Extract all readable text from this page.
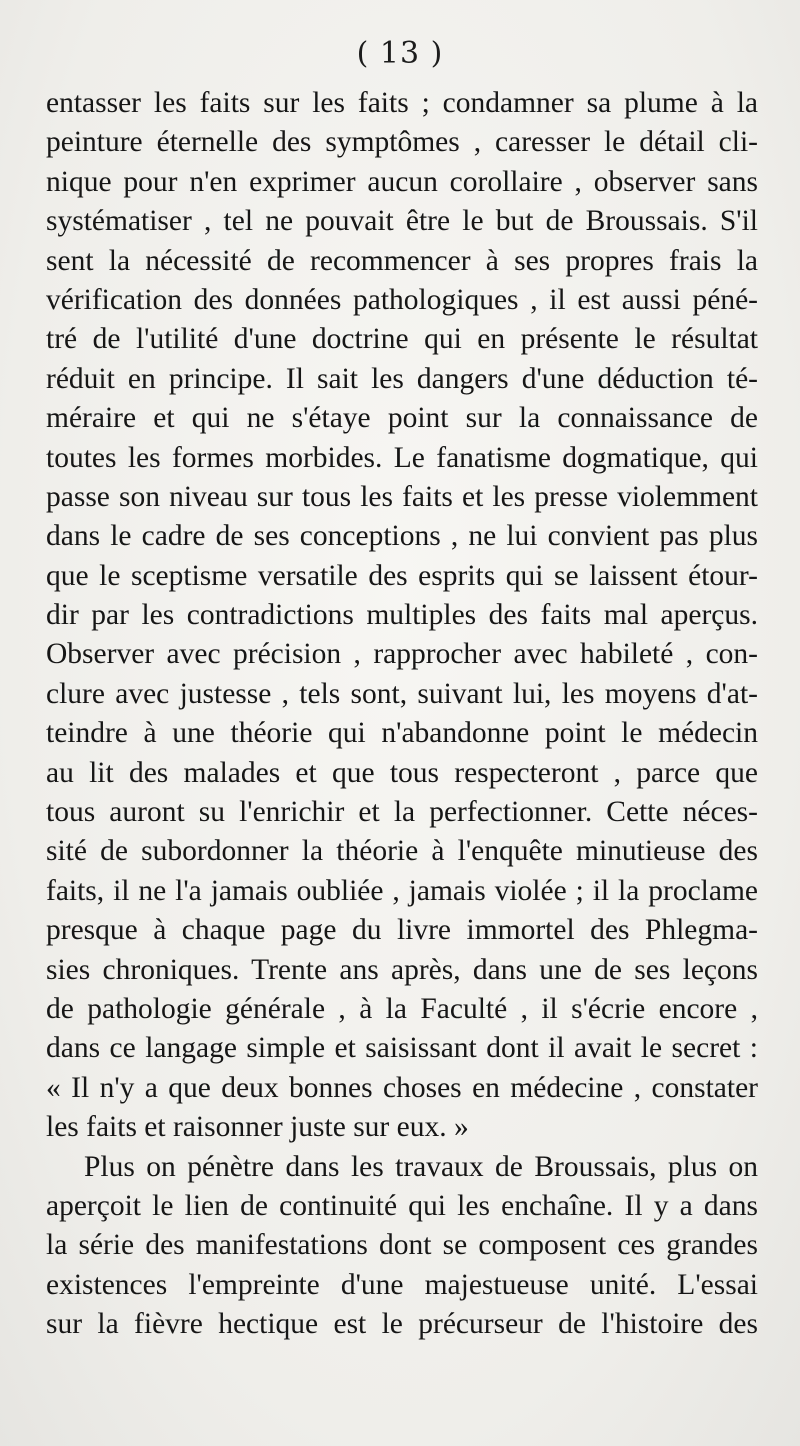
( 13 )
entasser les faits sur les faits ; condamner sa plume à la
peinture éternelle des symptômes , caresser le détail cli-
nique pour n'en exprimer aucun corollaire , observer sans
systématiser , tel ne pouvait être le but de Broussais. S'il
sent la nécessité de recommencer à ses propres frais la
vérification des données pathologiques , il est aussi péné-
tré de l'utilité d'une doctrine qui en présente le résultat
réduit en principe. Il sait les dangers d'une déduction té-
méraire et qui ne s'étaye point sur la connaissance de
toutes les formes morbides. Le fanatisme dogmatique, qui
passe son niveau sur tous les faits et les presse violemment
dans le cadre de ses conceptions , ne lui convient pas plus
que le sceptisme versatile des esprits qui se laissent étour-
dir par les contradictions multiples des faits mal aperçus.
Observer avec précision , rapprocher avec habileté , con-
clure avec justesse , tels sont, suivant lui, les moyens d'at-
teindre à une théorie qui n'abandonne point le médecin
au lit des malades et que tous respecteront , parce que
tous auront su l'enrichir et la perfectionner. Cette néces-
sité de subordonner la théorie à l'enquête minutieuse des
faits, il ne l'a jamais oubliée , jamais violée ; il la proclame
presque à chaque page du livre immortel des Phlegma-
sies chroniques. Trente ans après, dans une de ses leçons
de pathologie générale , à la Faculté , il s'écrie encore ,
dans ce langage simple et saisissant dont il avait le secret :
« Il n'y a que deux bonnes choses en médecine , constater
les faits et raisonner juste sur eux. »
Plus on pénètre dans les travaux de Broussais, plus on
aperçoit le lien de continuité qui les enchaîne. Il y a dans
la série des manifestations dont se composent ces grandes
existences l'empreinte d'une majestueuse unité. L'essai
sur la fièvre hectique est le précurseur de l'histoire des
